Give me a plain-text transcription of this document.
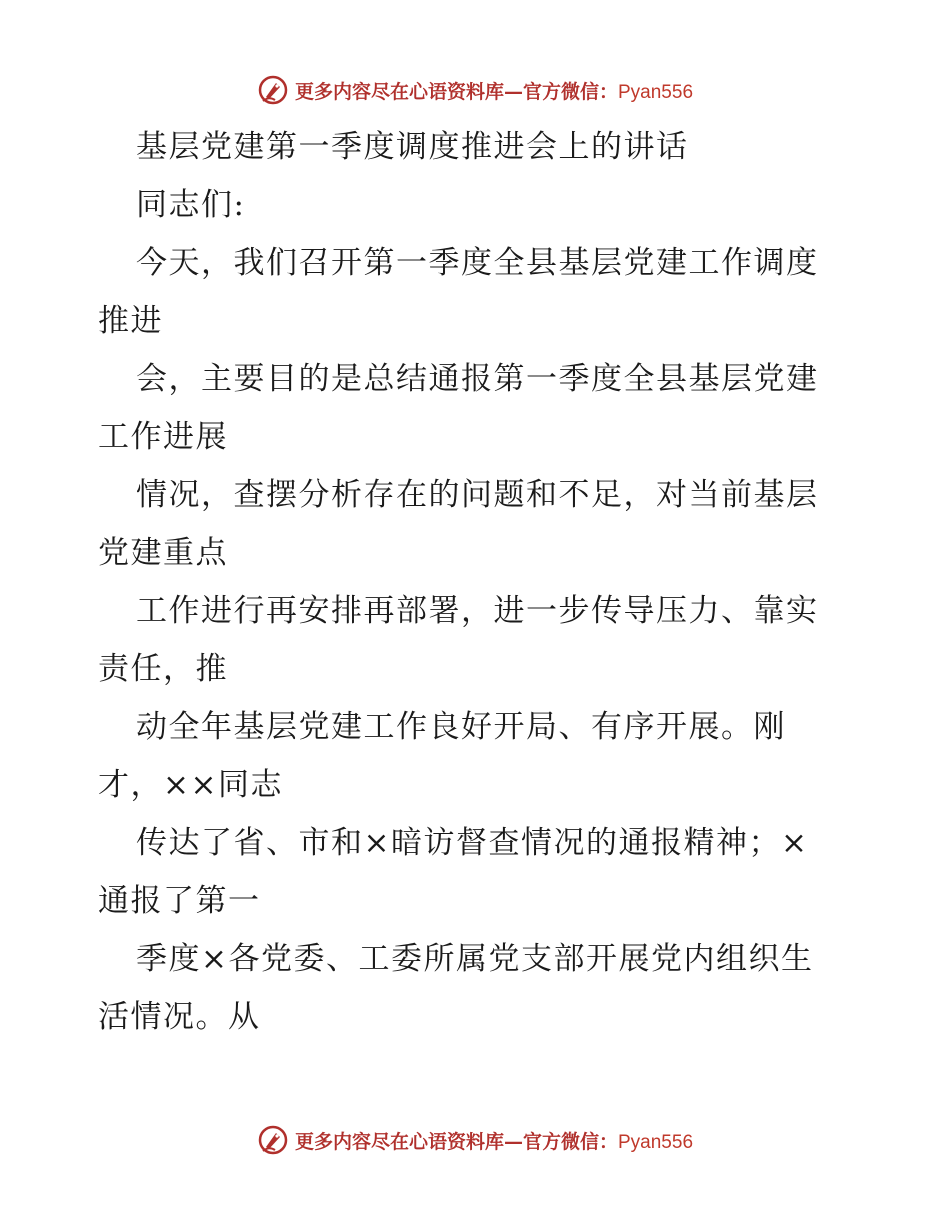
更多内容尽在心语资料库—官方微信：Pyan556
基层党建第一季度调度推进会上的讲话
同志们:
今天，我们召开第一季度全县基层党建工作调度
推进
会，主要目的是总结通报第一季度全县基层党建
工作进展
情况，查摆分析存在的问题和不足，对当前基层
党建重点
工作进行再安排再部署，进一步传导压力、靠实
责任，推
动全年基层党建工作良好开局、有序开展。刚
才，××同志
传达了省、市和×暗访督查情况的通报精神；×
通报了第一
季度×各党委、工委所属党支部开展党内组织生
活情况。从
更多内容尽在心语资料库—官方微信：Pyan556
